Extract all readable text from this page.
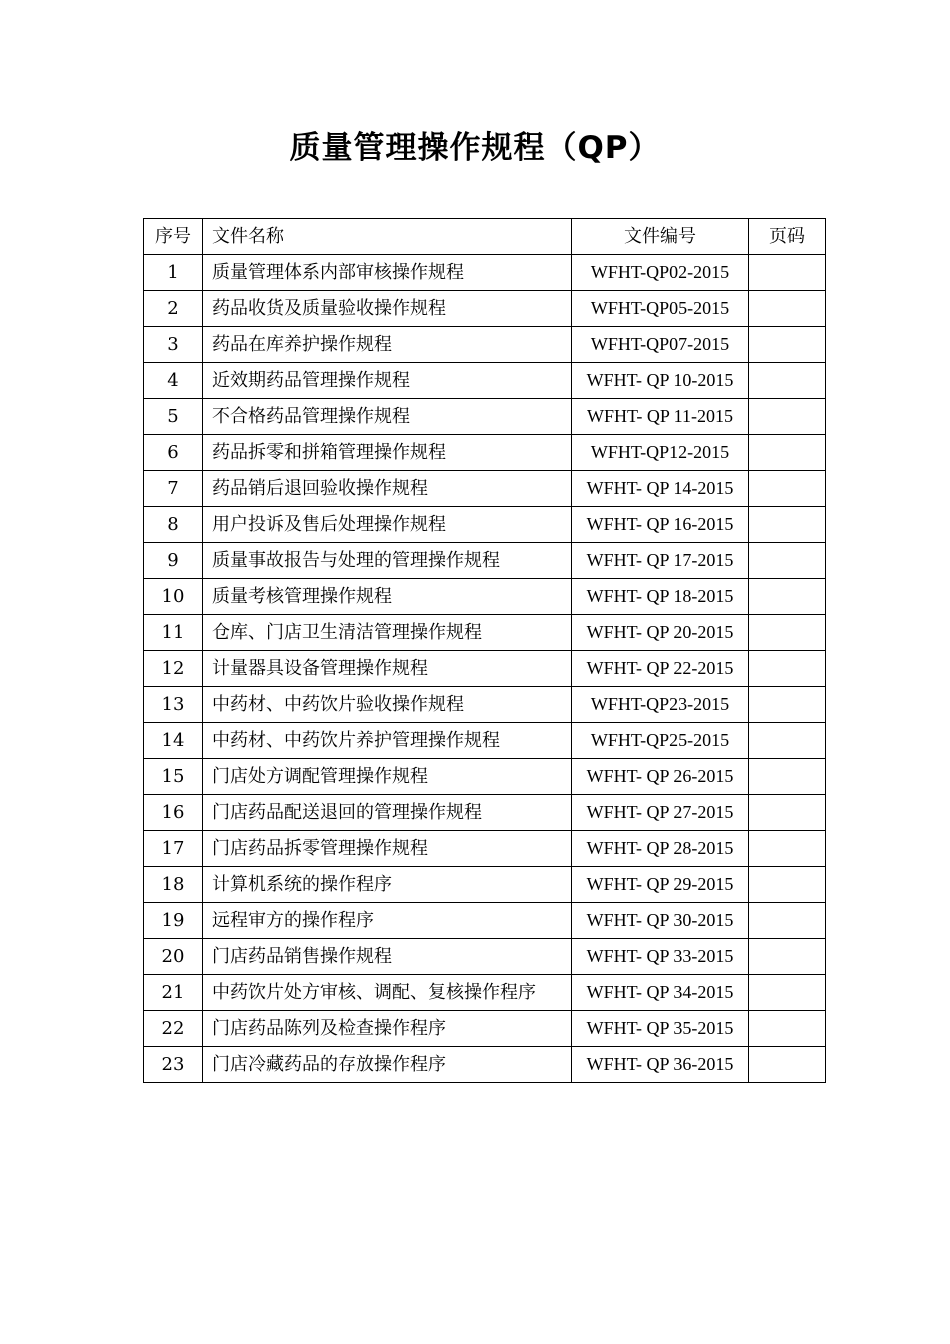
质量管理操作规程（QP）
序号	文件名称	文件编号	页码
1	质量管理体系内部审核操作规程	WFHT-QP02-2015	
2	药品收货及质量验收操作规程	WFHT-QP05-2015	
3	药品在库养护操作规程	WFHT-QP07-2015	
4	近效期药品管理操作规程	WFHT- QP 10-2015	
5	不合格药品管理操作规程	WFHT- QP 11-2015	
6	药品拆零和拼箱管理操作规程	WFHT-QP12-2015	
7	药品销后退回验收操作规程	WFHT- QP 14-2015	
8	用户投诉及售后处理操作规程	WFHT- QP 16-2015	
9	质量事故报告与处理的管理操作规程	WFHT- QP 17-2015	
10	质量考核管理操作规程	WFHT- QP 18-2015	
11	仓库、门店卫生清洁管理操作规程	WFHT- QP 20-2015	
12	计量器具设备管理操作规程	WFHT- QP 22-2015	
13	中药材、中药饮片验收操作规程	WFHT-QP23-2015	
14	中药材、中药饮片养护管理操作规程	WFHT-QP25-2015	
15	门店处方调配管理操作规程	WFHT- QP 26-2015	
16	门店药品配送退回的管理操作规程	WFHT- QP 27-2015	
17	门店药品拆零管理操作规程	WFHT- QP 28-2015	
18	计算机系统的操作程序	WFHT- QP 29-2015	
19	远程审方的操作程序	WFHT- QP 30-2015	
20	门店药品销售操作规程	WFHT- QP 33-2015	
21	中药饮片处方审核、调配、复核操作程序	WFHT- QP 34-2015	
22	门店药品陈列及检查操作程序	WFHT- QP 35-2015	
23	门店冷藏药品的存放操作程序	WFHT- QP 36-2015	
